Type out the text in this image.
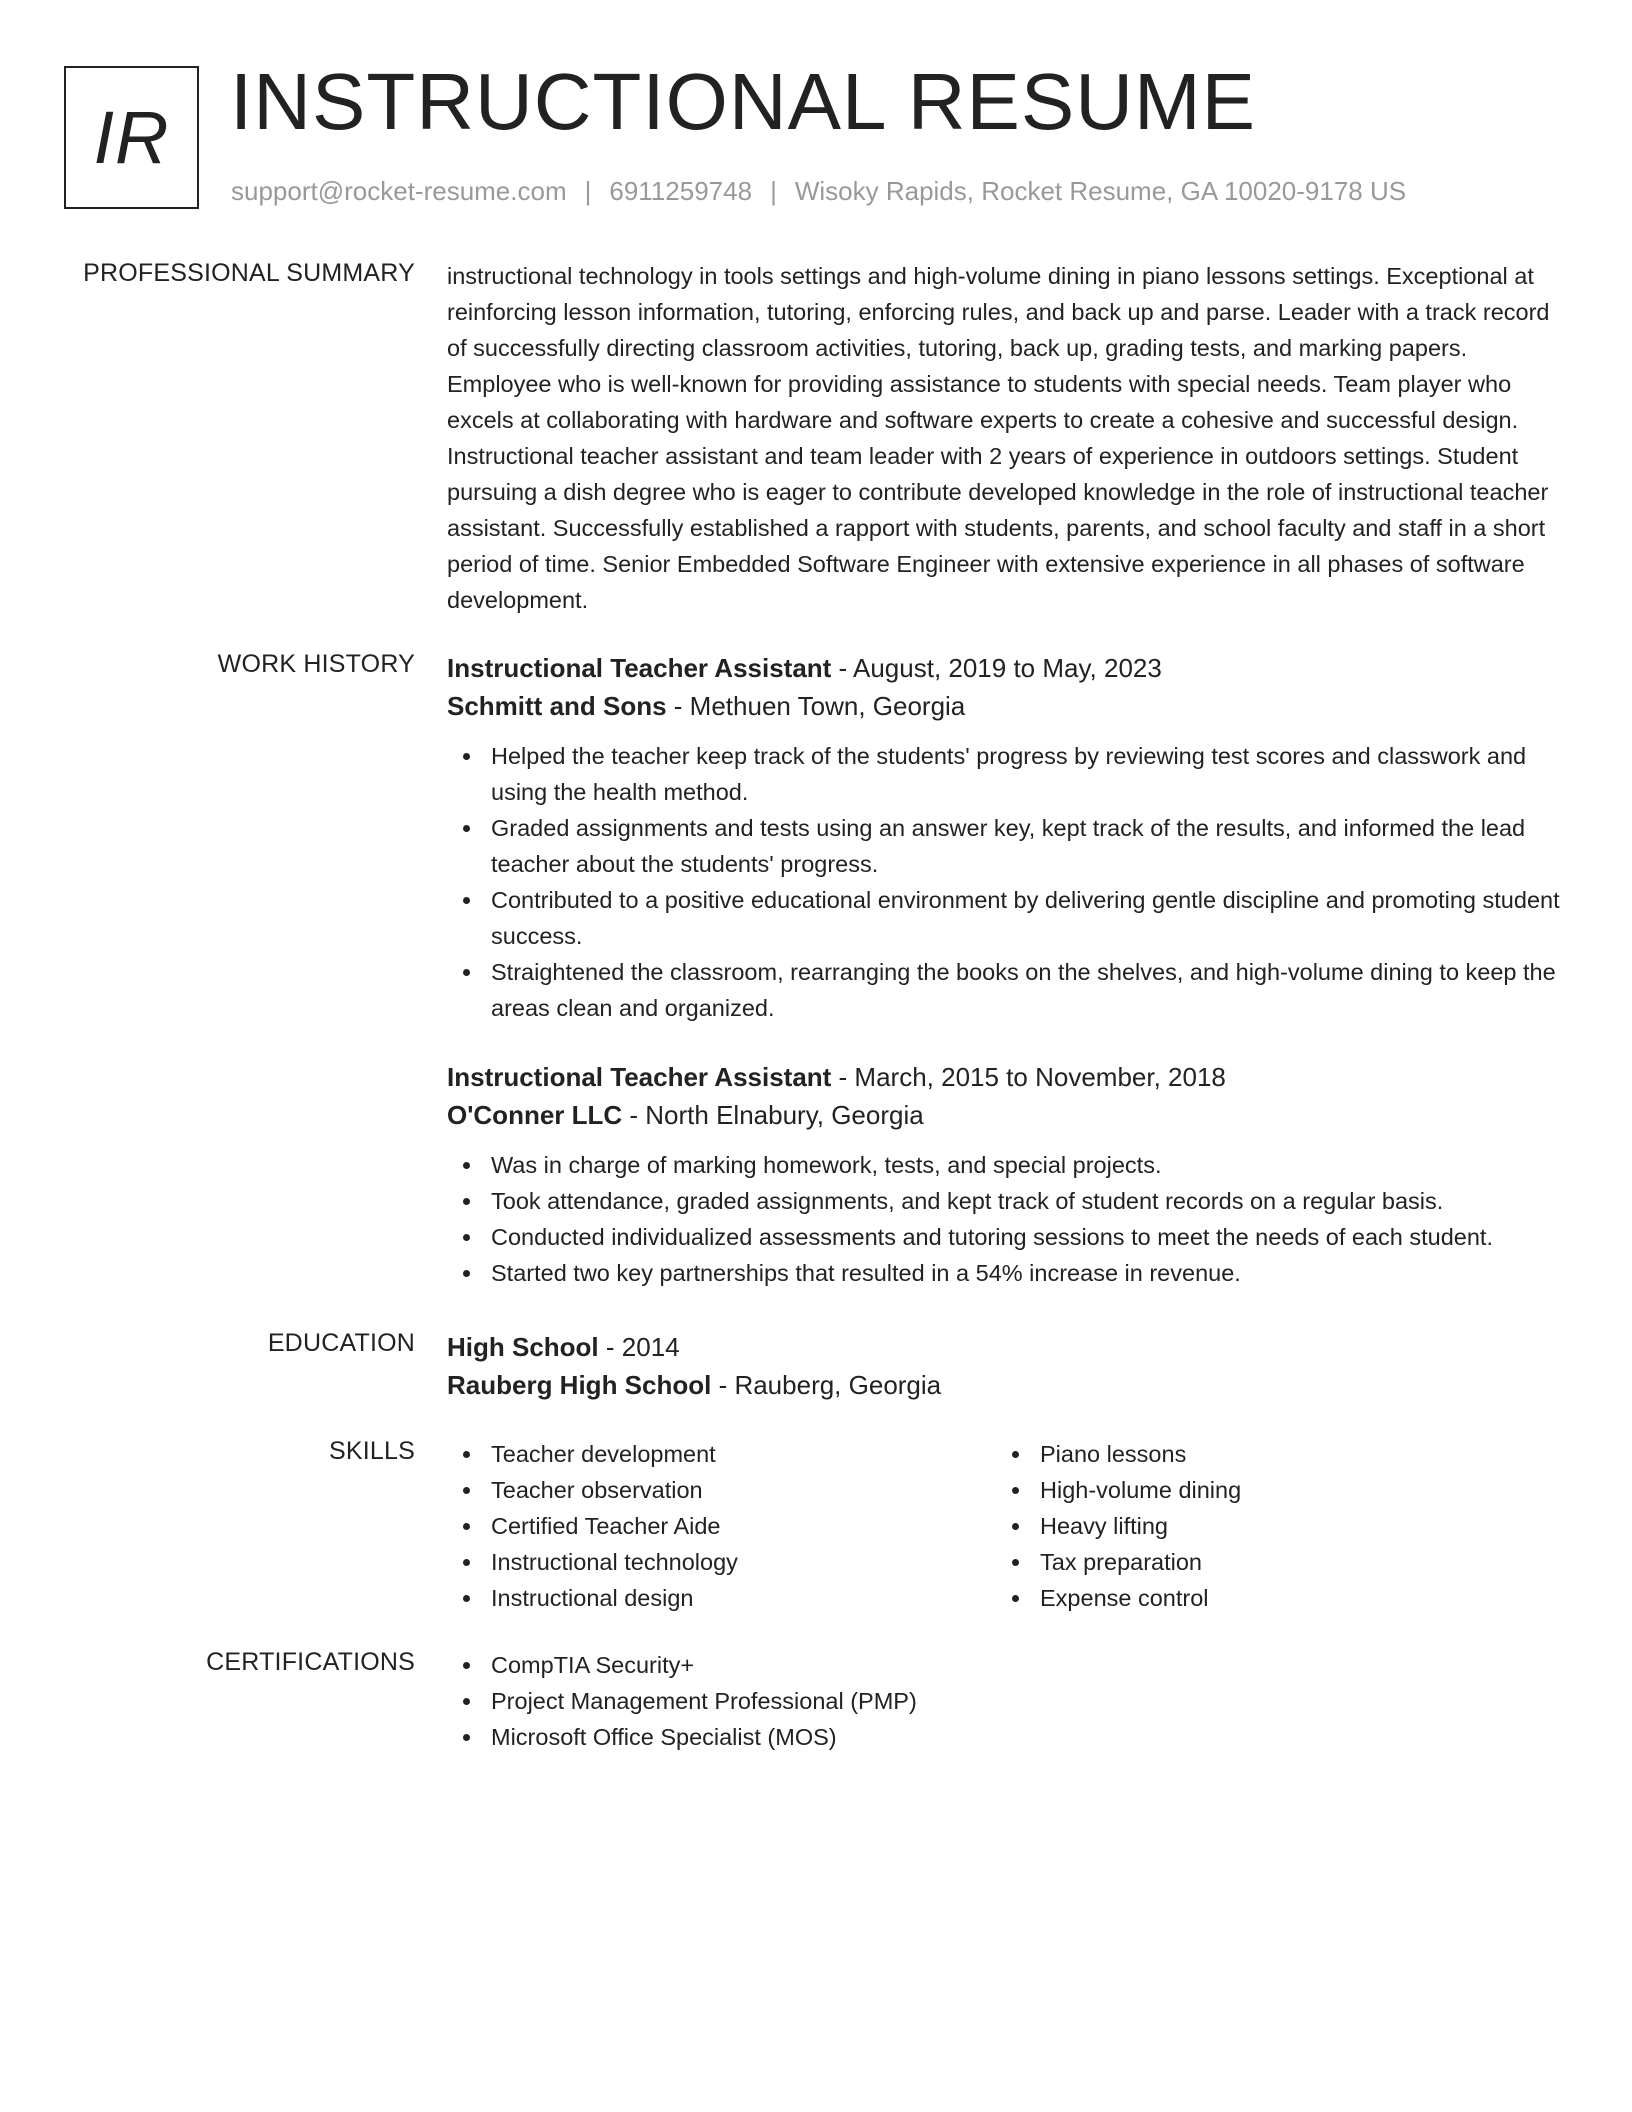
IR INSTRUCTIONAL RESUME
support@rocket-resume.com | 6911259748 | Wisoky Rapids, Rocket Resume, GA 10020-9178 US
PROFESSIONAL SUMMARY instructional technology in tools settings and high-volume dining in piano lessons settings. Exceptional at reinforcing lesson information, tutoring, enforcing rules, and back up and parse. Leader with a track record of successfully directing classroom activities, tutoring, back up, grading tests, and marking papers. Employee who is well-known for providing assistance to students with special needs. Team player who excels at collaborating with hardware and software experts to create a cohesive and successful design. Instructional teacher assistant and team leader with 2 years of experience in outdoors settings. Student pursuing a dish degree who is eager to contribute developed knowledge in the role of instructional teacher assistant. Successfully established a rapport with students, parents, and school faculty and staff in a short period of time. Senior Embedded Software Engineer with extensive experience in all phases of software development.

WORK HISTORY Instructional Teacher Assistant - August, 2019 to May, 2023
Schmitt and Sons - Methuen Town, Georgia
Helped the teacher keep track of the students' progress by reviewing test scores and classwork and using the health method.
Graded assignments and tests using an answer key, kept track of the results, and informed the lead teacher about the students' progress.
Contributed to a positive educational environment by delivering gentle discipline and promoting student success.
Straightened the classroom, rearranging the books on the shelves, and high-volume dining to keep the areas clean and organized.
Instructional Teacher Assistant - March, 2015 to November, 2018
O'Conner LLC - North Elnabury, Georgia
Was in charge of marking homework, tests, and special projects.
Took attendance, graded assignments, and kept track of student records on a regular basis.
Conducted individualized assessments and tutoring sessions to meet the needs of each student.
Started two key partnerships that resulted in a 54% increase in revenue.
EDUCATION High School - 2014
Rauberg High School - Rauberg, Georgia
SKILLS	Teacher development
Teacher observation
Certified Teacher Aide
Instructional technology
Instructional design
Piano lessons
High-volume dining
Heavy lifting
Tax preparation
Expense control
CERTIFICATIONS	CompTIA Security+
Project Management Professional (PMP)
Microsoft Office Specialist (MOS)
